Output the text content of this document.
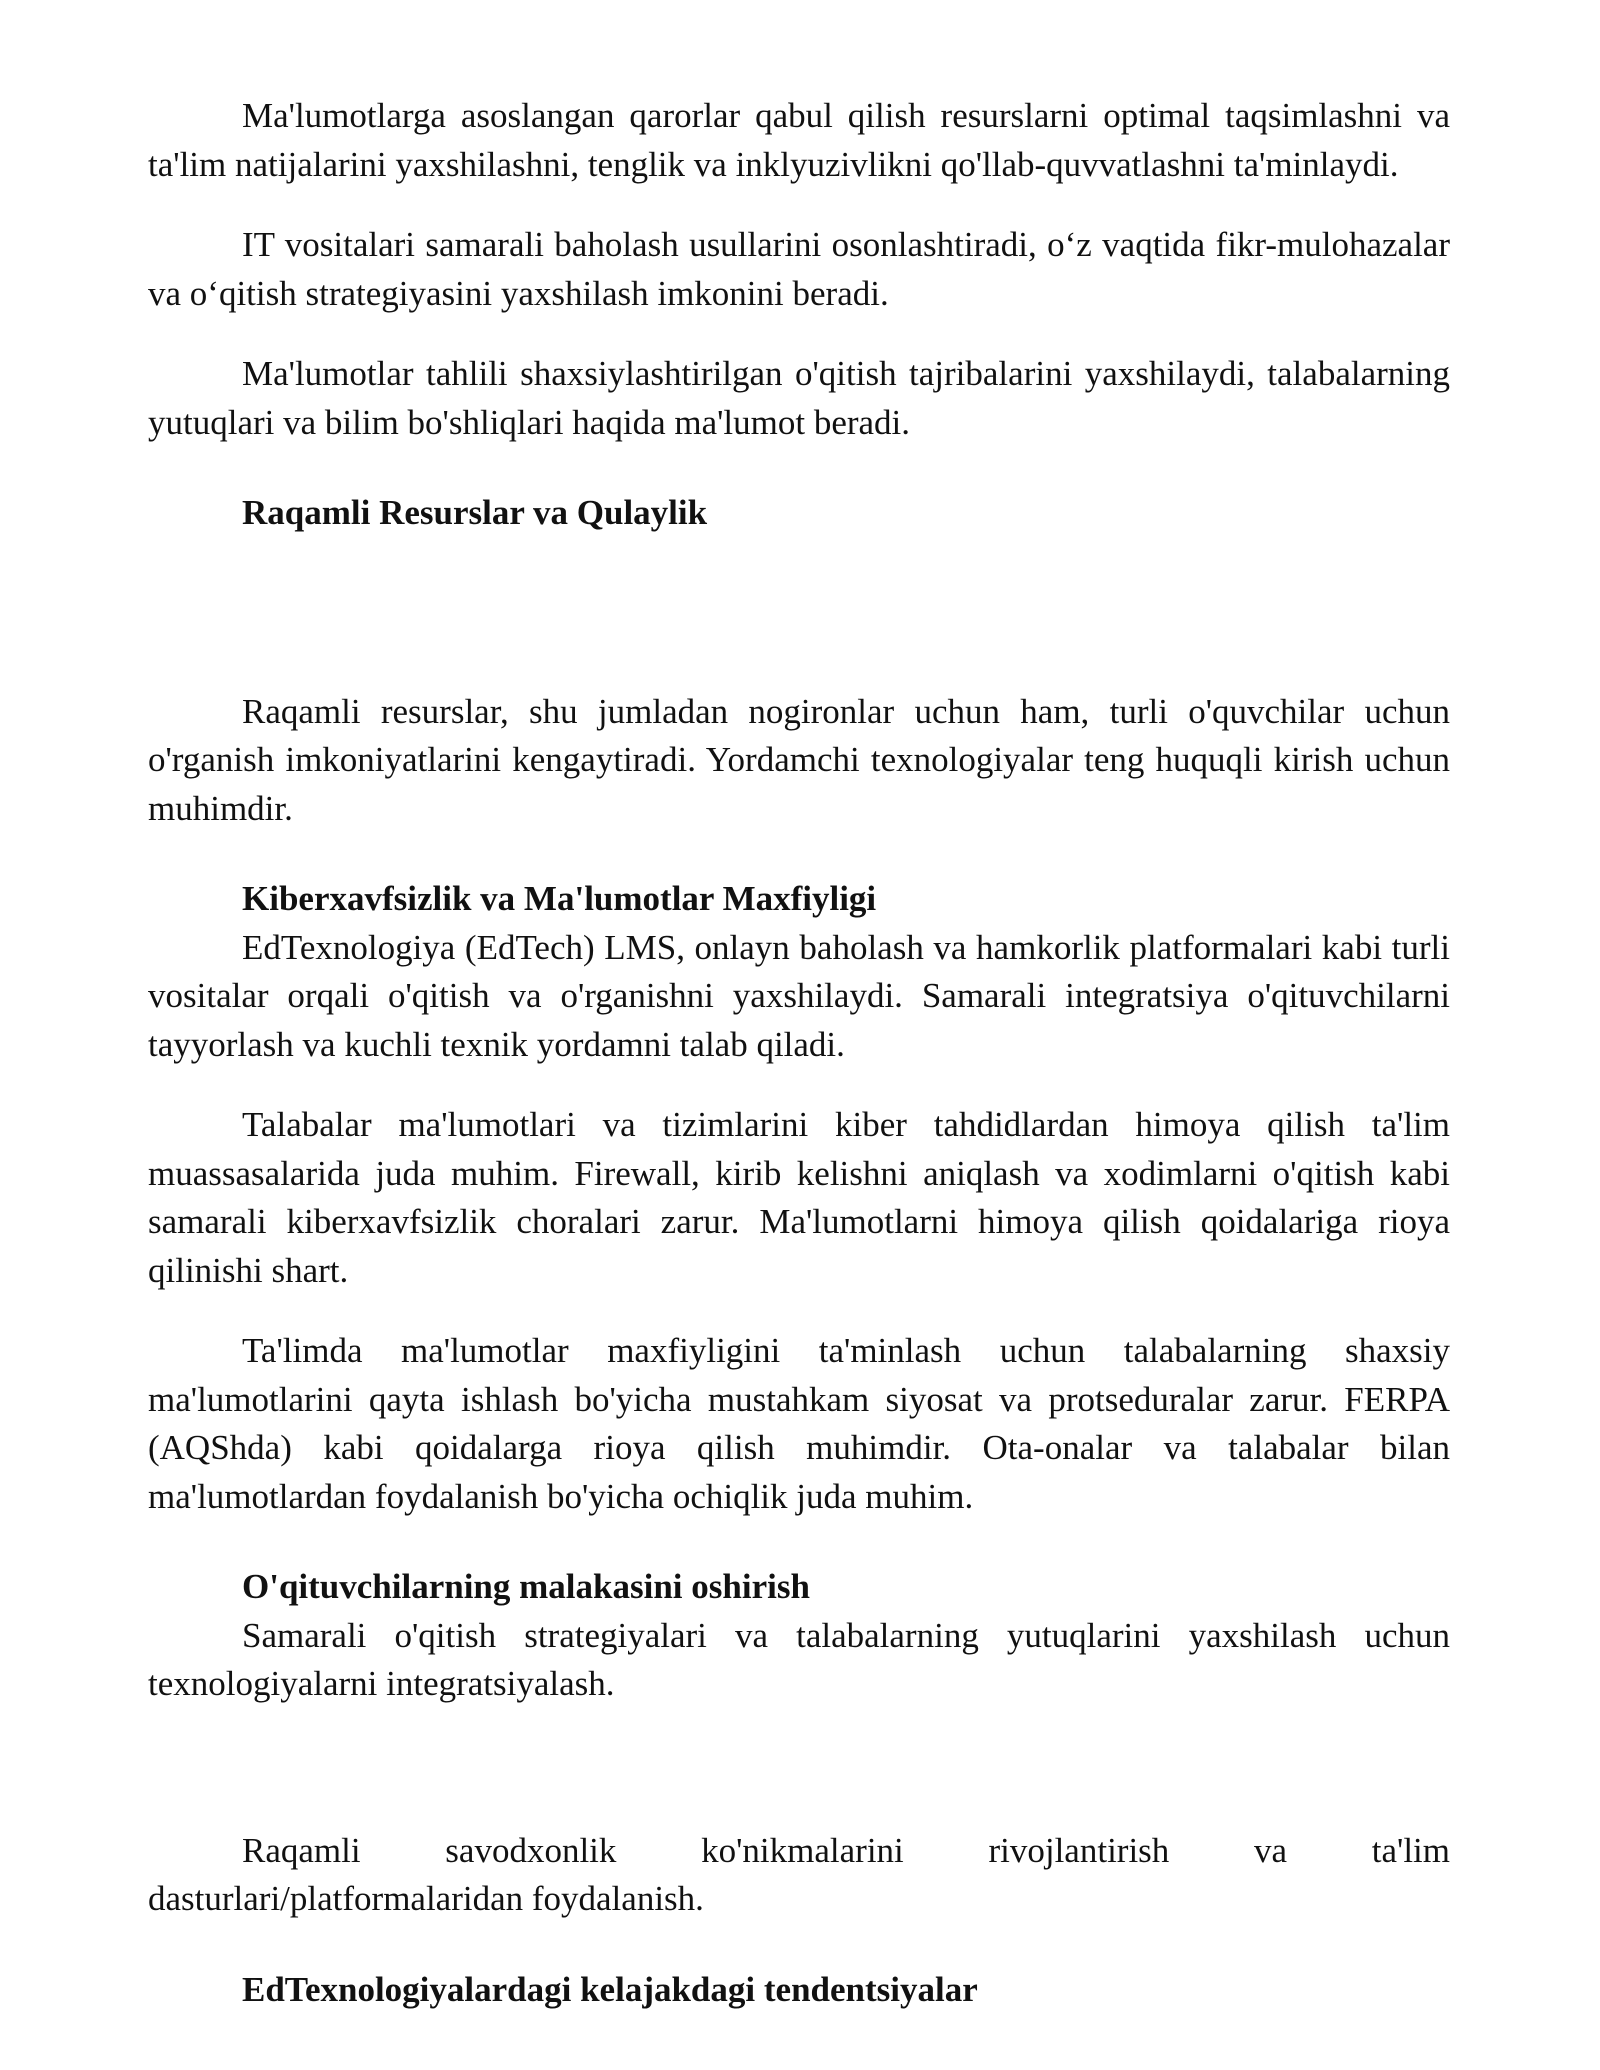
Ma'lumotlarga asoslangan qarorlar qabul qilish resurslarni optimal taqsimlashni va ta'lim natijalarini yaxshilashni, tenglik va inklyuzivlikni qo'llab-quvvatlashni ta'minlaydi.

IT vositalari samarali baholash usullarini osonlashtiradi, o‘z vaqtida fikr-mulohazalar va o‘qitish strategiyasini yaxshilash imkonini beradi.

Ma'lumotlar tahlili shaxsiylashtirilgan o'qitish tajribalarini yaxshilaydi, talabalarning yutuqlari va bilim bo'shliqlari haqida ma'lumot beradi.

Raqamli Resurslar va Qulaylik

Raqamli resurslar, shu jumladan nogironlar uchun ham, turli o'quvchilar uchun o'rganish imkoniyatlarini kengaytiradi. Yordamchi texnologiyalar teng huquqli kirish uchun muhimdir.

Kiberxavfsizlik va Ma'lumotlar Maxfiyligi

EdTexnologiya (EdTech) LMS, onlayn baholash va hamkorlik platformalari kabi turli vositalar orqali o'qitish va o'rganishni yaxshilaydi. Samarali integratsiya o'qituvchilarni tayyorlash va kuchli texnik yordamni talab qiladi.

Talabalar ma'lumotlari va tizimlarini kiber tahdidlardan himoya qilish ta'lim muassasalarida juda muhim. Firewall, kirib kelishni aniqlash va xodimlarni o'qitish kabi samarali kiberxavfsizlik choralari zarur. Ma'lumotlarni himoya qilish qoidalariga rioya qilinishi shart.

Ta'limda ma'lumotlar maxfiyligini ta'minlash uchun talabalarning shaxsiy ma'lumotlarini qayta ishlash bo'yicha mustahkam siyosat va protseduralar zarur. FERPA (AQShda) kabi qoidalarga rioya qilish muhimdir. Ota-onalar va talabalar bilan ma'lumotlardan foydalanish bo'yicha ochiqlik juda muhim.

O'qituvchilarning malakasini oshirish

Samarali o'qitish strategiyalari va talabalarning yutuqlarini yaxshilash uchun texnologiyalarni integratsiyalash.

Raqamli savodxonlik ko'nikmalarini rivojlantirish va ta'lim dasturlari/platformalaridan foydalanish.

EdTexnologiyalardagi kelajakdagi tendentsiyalar
